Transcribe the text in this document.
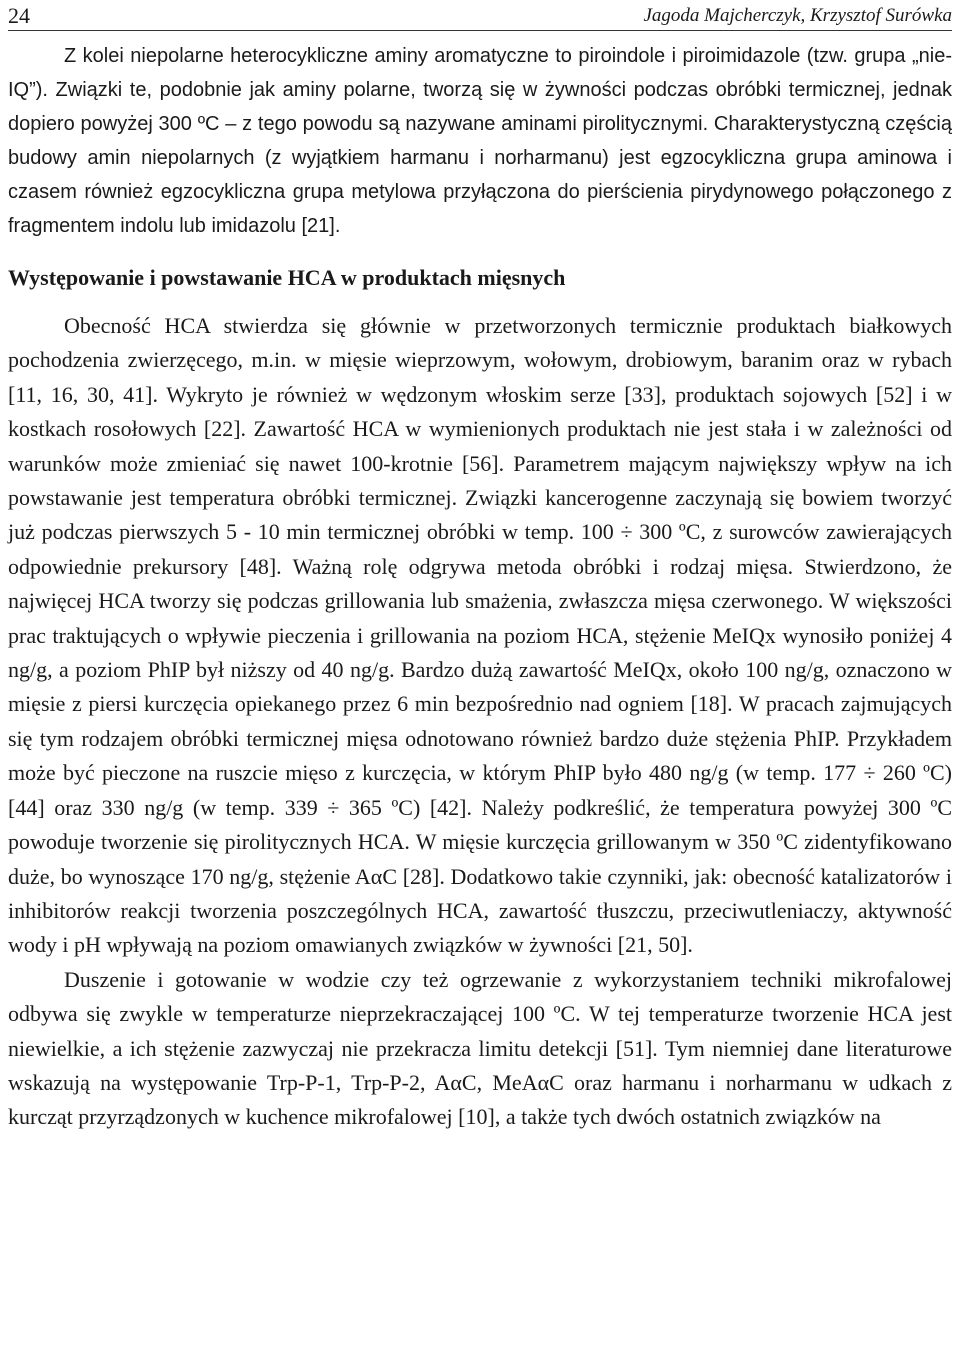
24	Jagoda Majcherczyk, Krzysztof Surówka

Z kolei niepolarne heterocykliczne aminy aromatyczne to piroindole i piroimidazole (tzw. grupa „nie-IQ”). Związki te, podobnie jak aminy polarne, tworzą się w żywności podczas obróbki termicznej, jednak dopiero powyżej 300 ºC – z tego powodu są nazywane aminami pirolitycznymi. Charakterystyczną częścią budowy amin niepolarnych (z wyjątkiem harmanu i norharmanu) jest egzocykliczna grupa aminowa i czasem również egzocykliczna grupa metylowa przyłączona do pierścienia pirydynowego połączonego z fragmentem indolu lub imidazolu [21].

Występowanie i powstawanie HCA w produktach mięsnych

Obecność HCA stwierdza się głównie w przetworzonych termicznie produktach białkowych pochodzenia zwierzęcego, m.in. w mięsie wieprzowym, wołowym, drobiowym, baranim oraz w rybach [11, 16, 30, 41]. Wykryto je również w wędzonym włoskim serze [33], produktach sojowych [52] i w kostkach rosołowych [22]. Zawartość HCA w wymienionych produktach nie jest stała i w zależności od warunków może zmieniać się nawet 100-krotnie [56]. Parametrem mającym największy wpływ na ich powstawanie jest temperatura obróbki termicznej. Związki kancerogenne zaczynają się bowiem tworzyć już podczas pierwszych 5 - 10 min termicznej obróbki w temp. 100 ÷ 300 ºC, z surowców zawierających odpowiednie prekursory [48]. Ważną rolę odgrywa metoda obróbki i rodzaj mięsa. Stwierdzono, że najwięcej HCA tworzy się podczas grillowania lub smażenia, zwłaszcza mięsa czerwonego. W większości prac traktujących o wpływie pieczenia i grillowania na poziom HCA, stężenie MeIQx wynosiło poniżej 4 ng/g, a poziom PhIP był niższy od 40 ng/g. Bardzo dużą zawartość MeIQx, około 100 ng/g, oznaczono w mięsie z piersi kurczęcia opiekanego przez 6 min bezpośrednio nad ogniem [18]. W pracach zajmujących się tym rodzajem obróbki termicznej mięsa odnotowano również bardzo duże stężenia PhIP. Przykładem może być pieczone na ruszcie mięso z kurczęcia, w którym PhIP było 480 ng/g (w temp. 177 ÷ 260 ºC) [44] oraz 330 ng/g (w temp. 339 ÷ 365 ºC) [42]. Należy podkreślić, że temperatura powyżej 300 ºC powoduje tworzenie się pirolitycznych HCA. W mięsie kurczęcia grillowanym w 350 ºC zidentyfikowano duże, bo wynoszące 170 ng/g, stężenie AαC [28]. Dodatkowo takie czynniki, jak: obecność katalizatorów i inhibitorów reakcji tworzenia poszczególnych HCA, zawartość tłuszczu, przeciwutleniaczy, aktywność wody i pH wpływają na poziom omawianych związków w żywności [21, 50].

Duszenie i gotowanie w wodzie czy też ogrzewanie z wykorzystaniem techniki mikrofalowej odbywa się zwykle w temperaturze nieprzekraczającej 100 ºC. W tej temperaturze tworzenie HCA jest niewielkie, a ich stężenie zazwyczaj nie przekracza limitu detekcji [51]. Tym niemniej dane literaturowe wskazują na występowanie Trp-P-1, Trp-P-2, AαC, MeAαC oraz harmanu i norharmanu w udkach z kurcząt przyrządzonych w kuchence mikrofalowej [10], a także tych dwóch ostatnich związków na
